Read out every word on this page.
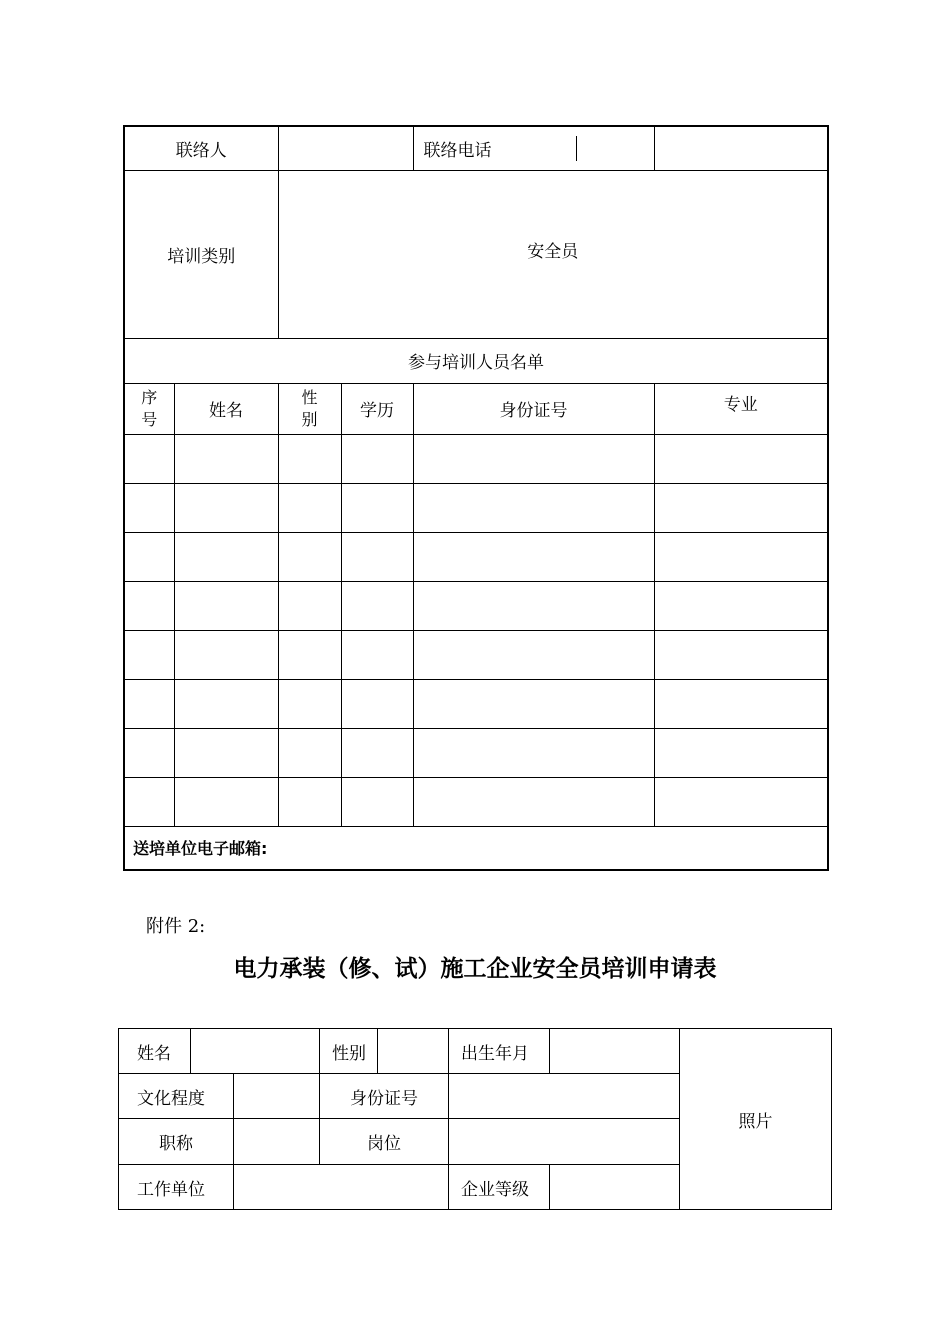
联络人				联络电话	

培训类别		安全员			

参与培训人员名单					

序号	姓名	性别	学历	身份证号	专业

送培单位电子邮箱:					
附件 2:
电力承装（修、试）施工企业安全员培训申请表
姓名			性别		出生年月		照片
文化程度			身份证号				
职称			岗位				
工作单位					企业等级		
